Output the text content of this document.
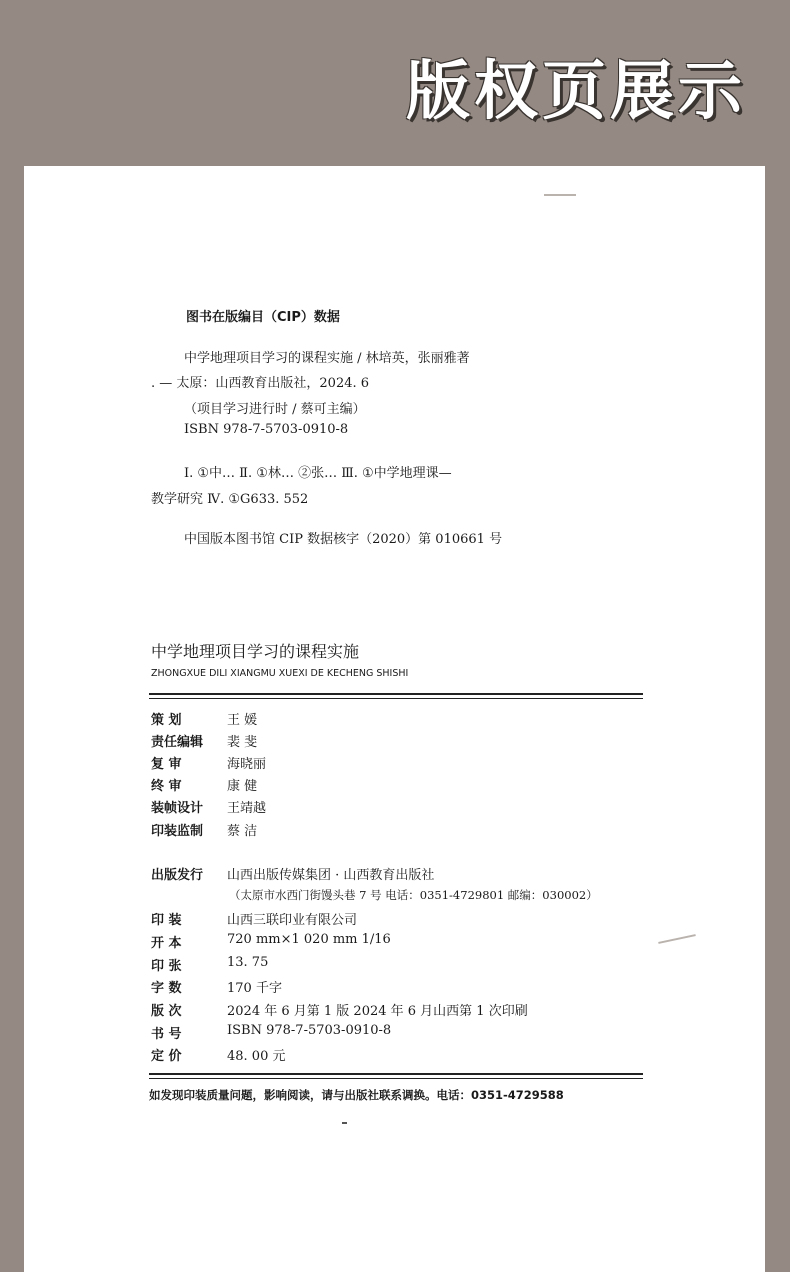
版权页展示
图书在版编目（CIP）数据
中学地理项目学习的课程实施 / 林培英，张丽雅著
. — 太原：山西教育出版社，2024. 6
（项目学习进行时 / 蔡可主编）
ISBN 978-7-5703-0910-8
Ⅰ. ①中… Ⅱ. ①林… ②张… Ⅲ. ①中学地理课—
教学研究 Ⅳ. ①G633. 552
中国版本图书馆 CIP 数据核字（2020）第 010661 号
中学地理项目学习的课程实施
ZHONGXUE DILI XIANGMU XUEXI DE KECHENG SHISHI
策 划	王 媛
责任编辑 裴 斐
复 审	海晓丽
终 审	康 健
装帧设计 王靖越
印装监制 蔡 洁
出版发行 山西出版传媒集团 · 山西教育出版社
（太原市水西门街馒头巷 7 号 电话：0351-4729801 邮编：030002）
印 装	山西三联印业有限公司
开 本	720 mm×1 020 mm 1/16
印 张	13. 75
字 数	170 千字
版 次	2024 年 6 月第 1 版 2024 年 6 月山西第 1 次印刷
书 号	ISBN 978-7-5703-0910-8
定 价	48. 00 元
如发现印装质量问题，影响阅读，请与出版社联系调换。电话：0351-4729588
